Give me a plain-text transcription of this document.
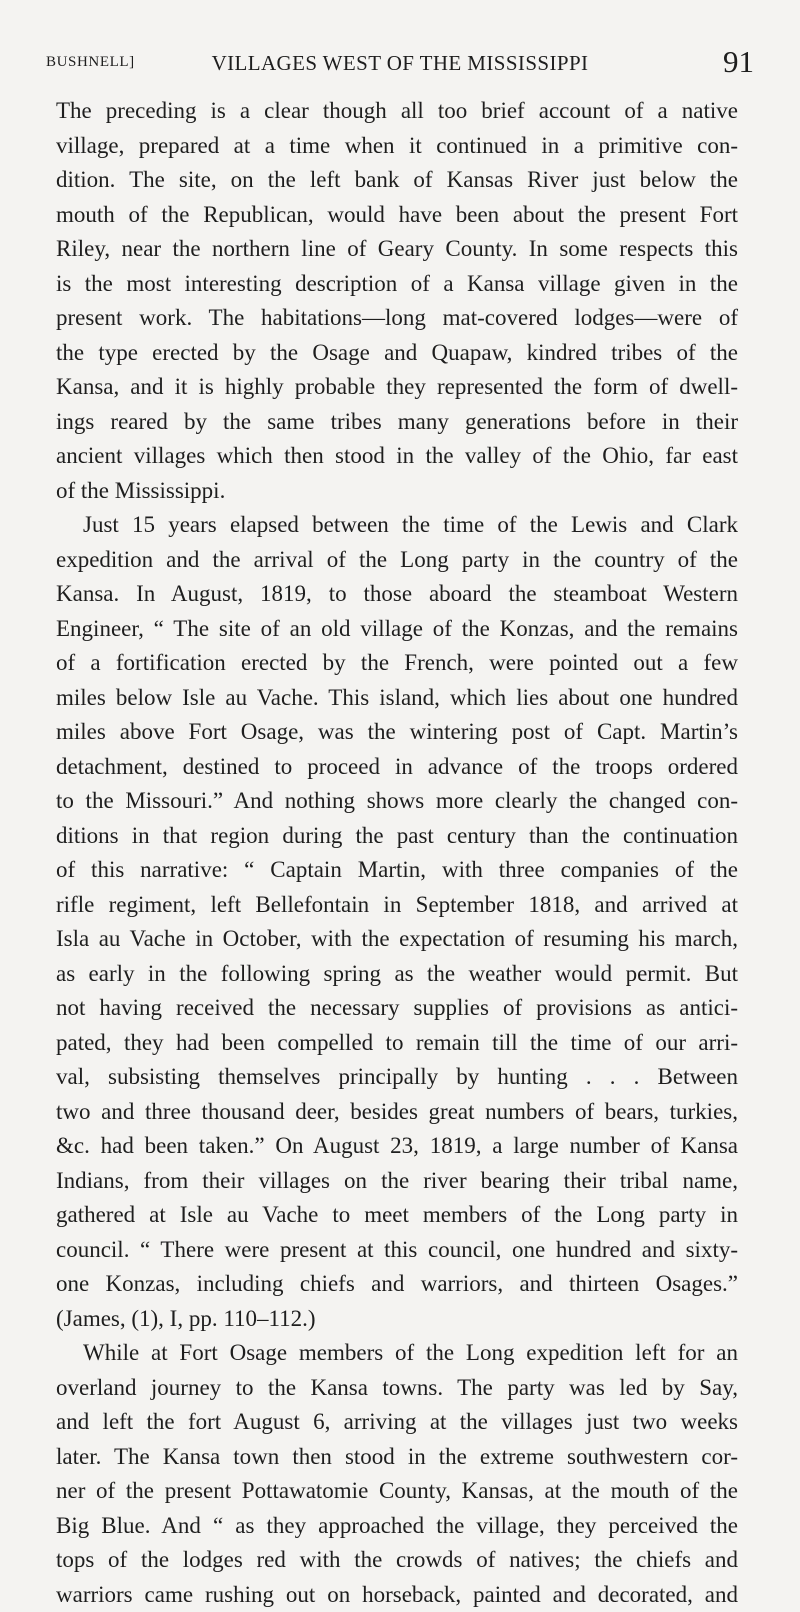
BUSHNELL]	VILLAGES WEST OF THE MISSISSIPPI	91
The preceding is a clear though all too brief account of a native
village, prepared at a time when it continued in a primitive con-
dition. The site, on the left bank of Kansas River just below the
mouth of the Republican, would have been about the present Fort
Riley, near the northern line of Geary County. In some respects this
is the most interesting description of a Kansa village given in the
present work. The habitations—long mat-covered lodges—were of
the type erected by the Osage and Quapaw, kindred tribes of the
Kansa, and it is highly probable they represented the form of dwell-
ings reared by the same tribes many generations before in their
ancient villages which then stood in the valley of the Ohio, far east
of the Mississippi.
Just 15 years elapsed between the time of the Lewis and Clark
expedition and the arrival of the Long party in the country of the
Kansa. In August, 1819, to those aboard the steamboat Western
Engineer, “ The site of an old village of the Konzas, and the remains
of a fortification erected by the French, were pointed out a few
miles below Isle au Vache. This island, which lies about one hundred
miles above Fort Osage, was the wintering post of Capt. Martin’s
detachment, destined to proceed in advance of the troops ordered
to the Missouri.” And nothing shows more clearly the changed con-
ditions in that region during the past century than the continuation
of this narrative: “ Captain Martin, with three companies of the
rifle regiment, left Bellefontain in September 1818, and arrived at
Isla au Vache in October, with the expectation of resuming his march,
as early in the following spring as the weather would permit. But
not having received the necessary supplies of provisions as antici-
pated, they had been compelled to remain till the time of our arri-
val, subsisting themselves principally by hunting . . . Between
two and three thousand deer, besides great numbers of bears, turkies,
&c. had been taken.” On August 23, 1819, a large number of Kansa
Indians, from their villages on the river bearing their tribal name,
gathered at Isle au Vache to meet members of the Long party in
council. “ There were present at this council, one hundred and sixty-
one Konzas, including chiefs and warriors, and thirteen Osages.”
(James, (1), I, pp. 110–112.)
While at Fort Osage members of the Long expedition left for an
overland journey to the Kansa towns. The party was led by Say,
and left the fort August 6, arriving at the villages just two weeks
later. The Kansa town then stood in the extreme southwestern cor-
ner of the present Pottawatomie County, Kansas, at the mouth of the
Big Blue. And “ as they approached the village, they perceived the
tops of the lodges red with the crowds of natives; the chiefs and
warriors came rushing out on horseback, painted and decorated, and
